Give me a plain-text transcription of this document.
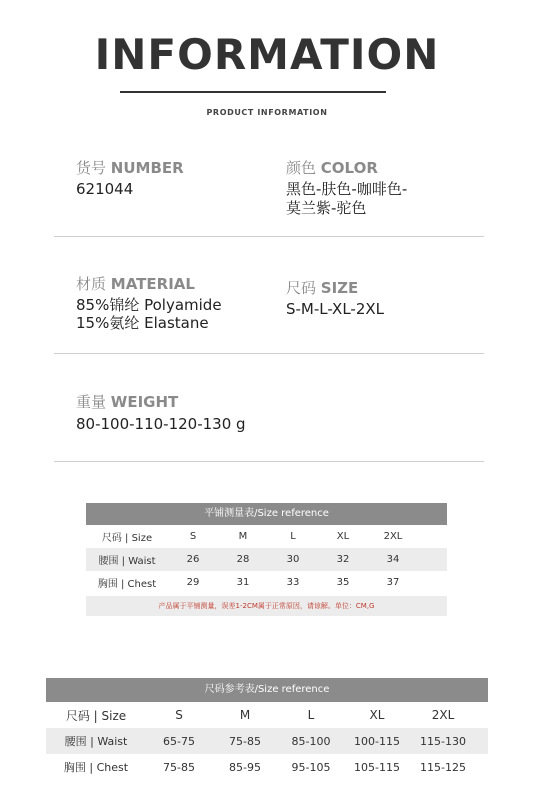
INFORMATION
PRODUCT INFORMATION
货号 NUMBER
621044
颜色 COLOR
黑色-肤色-咖啡色-
莫兰紫-驼色
材质 MATERIAL
85%锦纶 Polyamide
15%氨纶 Elastane
尺码 SIZE
S-M-L-XL-2XL
重量 WEIGHT
80-100-110-120-130 g
平铺测量表/Size reference
尺码 | Size	S	M	L	XL	2XL
腰围 | Waist	26	28	30	32	34
胸围 | Chest	29	31	33	35	37
产品属于平铺测量，误差1-2CM属于正常原因，请谅解。单位：CM,G
尺码参考表/Size reference
尺码 | Size	S	M	L	XL	2XL
腰围 | Waist	65-75	75-85	85-100	100-115	115-130
胸围 | Chest	75-85	85-95	95-105	105-115	115-125
